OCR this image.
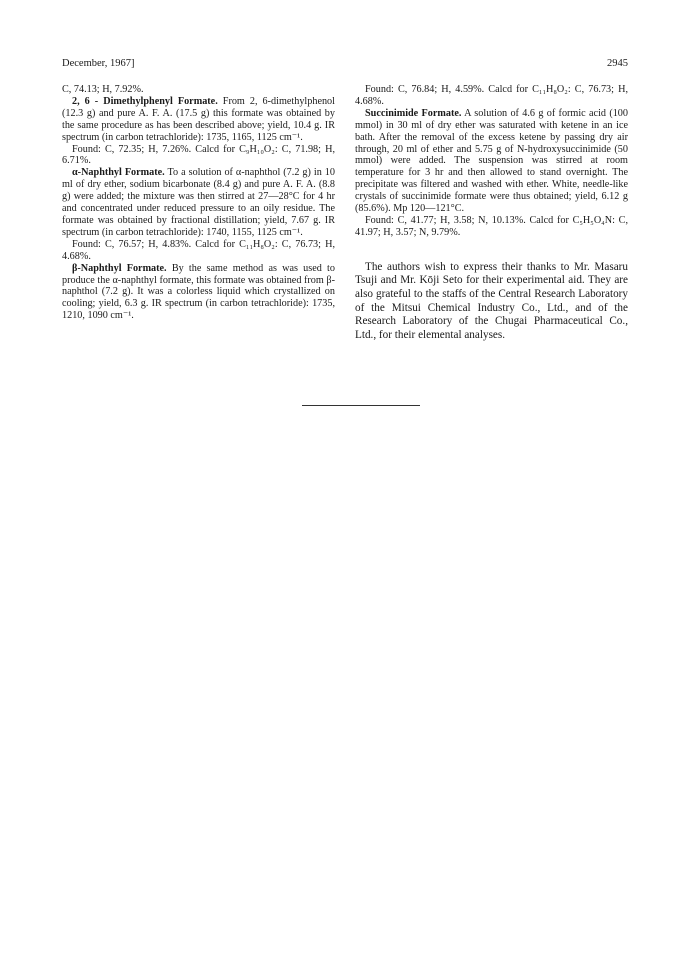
December, 1967]	2945

C, 74.13; H, 7.92%.

2, 6 - Dimethylphenyl Formate. From 2, 6-dimethylphenol (12.3 g) and pure A. F. A. (17.5 g) this formate was obtained by the same procedure as has been described above; yield, 10.4 g. IR spectrum (in carbon tetrachloride): 1735, 1165, 1125 cm⁻¹.

Found: C, 72.35; H, 7.26%. Calcd for C₉H₁₀O₂: C, 71.98; H, 6.71%.

α-Naphthyl Formate. To a solution of α-naphthol (7.2 g) in 10 ml of dry ether, sodium bicarbonate (8.4 g) and pure A. F. A. (8.8 g) were added; the mixture was then stirred at 27—28°C for 4 hr and concentrated under reduced pressure to an oily residue. The formate was obtained by fractional distillation; yield, 7.67 g. IR spectrum (in carbon tetrachloride): 1740, 1155, 1125 cm⁻¹.

Found: C, 76.57; H, 4.83%. Calcd for C₁₁H₈O₂: C, 76.73; H, 4.68%.

β-Naphthyl Formate. By the same method as was used to produce the α-naphthyl formate, this formate was obtained from β-naphthol (7.2 g). It was a colorless liquid which crystallized on cooling; yield, 6.3 g. IR spectrum (in carbon tetrachloride): 1735, 1210, 1090 cm⁻¹.

Found: C, 76.84; H, 4.59%. Calcd for C₁₁H₈O₂: C, 76.73; H, 4.68%.

Succinimide Formate. A solution of 4.6 g of formic acid (100 mmol) in 30 ml of dry ether was saturated with ketene in an ice bath. After the removal of the excess ketene by passing dry air through, 20 ml of ether and 5.75 g of N-hydroxysuccinimide (50 mmol) were added. The suspension was stirred at room temperature for 3 hr and then allowed to stand overnight. The precipitate was filtered and washed with ether. White, needle-like crystals of succinimide formate were thus obtained; yield, 6.12 g (85.6%). Mp 120—121°C.

Found: C, 41.77; H, 3.58; N, 10.13%. Calcd for C₅H₅O₄N: C, 41.97; H, 3.57; N, 9.79%.

The authors wish to express their thanks to Mr. Masaru Tsuji and Mr. Kōji Seto for their experimental aid. They are also grateful to the staffs of the Central Research Laboratory of the Mitsui Chemical Industry Co., Ltd., and of the Research Laboratory of the Chugai Pharmaceutical Co., Ltd., for their elemental analyses.
